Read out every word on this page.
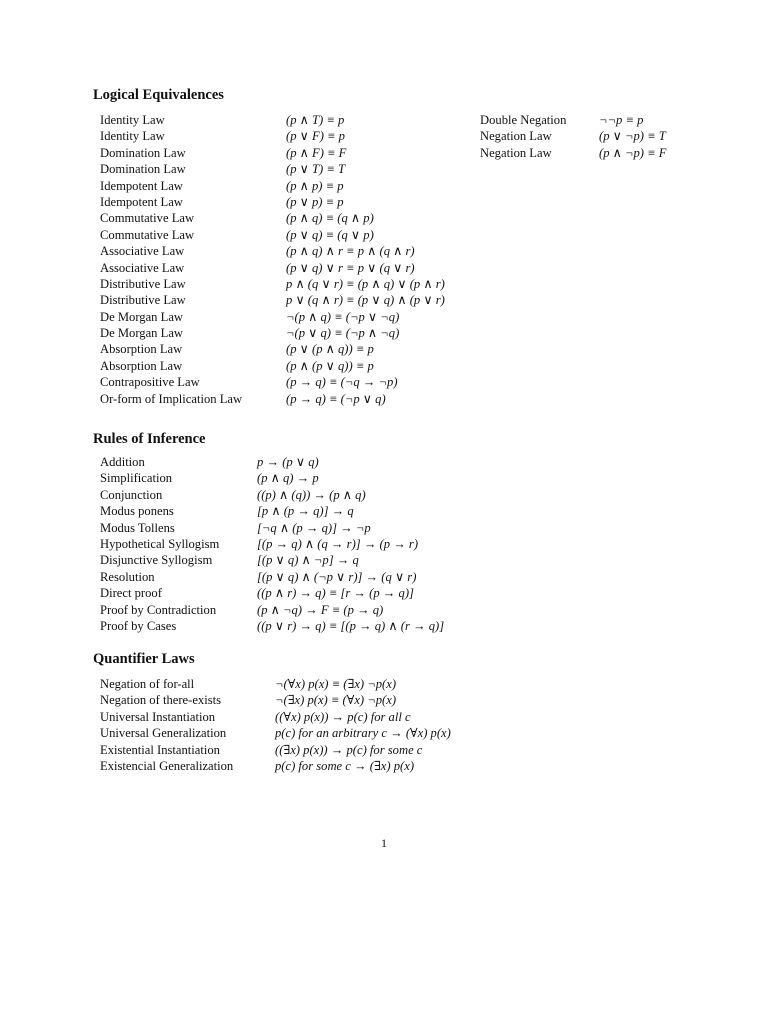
Logical Equivalences
Identity Law	(p ∧ T) ≡ p
Identity Law	(p ∨ F) ≡ p
Domination Law	(p ∧ F) ≡ F
Domination Law	(p ∨ T) ≡ T
Idempotent Law	(p ∧ p) ≡ p
Idempotent Law	(p ∨ p) ≡ p
Commutative Law	(p ∧ q) ≡ (q ∧ p)
Commutative Law	(p ∨ q) ≡ (q ∨ p)
Associative Law	(p ∧ q) ∧ r ≡ p ∧ (q ∧ r)
Associative Law	(p ∨ q) ∨ r ≡ p ∨ (q ∨ r)
Distributive Law	p ∧ (q ∨ r) ≡ (p ∧ q) ∨ (p ∧ r)
Distributive Law	p ∨ (q ∧ r) ≡ (p ∨ q) ∧ (p ∨ r)
De Morgan Law	¬(p ∧ q) ≡ (¬p ∨ ¬q)
De Morgan Law	¬(p ∨ q) ≡ (¬p ∧ ¬q)
Absorption Law	(p ∨ (p ∧ q)) ≡ p
Absorption Law	(p ∧ (p ∨ q)) ≡ p
Contrapositive Law	(p → q) ≡ (¬q → ¬p)
Or-form of Implication Law	(p → q) ≡ (¬p ∨ q)
Double Negation	¬¬p ≡ p
Negation Law	(p ∨ ¬p) ≡ T
Negation Law	(p ∧ ¬p) ≡ F
Rules of Inference
Addition	p → (p ∨ q)
Simplification	(p ∧ q) → p
Conjunction	((p) ∧ (q)) → (p ∧ q)
Modus ponens	[p ∧ (p → q)] → q
Modus Tollens	[¬q ∧ (p → q)] → ¬p
Hypothetical Syllogism	[(p → q) ∧ (q → r)] → (p → r)
Disjunctive Syllogism	[(p ∨ q) ∧ ¬p] → q
Resolution	[(p ∨ q) ∧ (¬p ∨ r)] → (q ∨ r)
Direct proof	((p ∧ r) → q) ≡ [r → (p → q)]
Proof by Contradiction	(p ∧ ¬q) → F ≡ (p → q)
Proof by Cases	((p ∨ r) → q) ≡ [(p → q) ∧ (r → q)]
Quantifier Laws
Negation of for-all	¬(∀x) p(x) ≡ (∃x) ¬p(x)
Negation of there-exists	¬(∃x) p(x) ≡ (∀x) ¬p(x)
Universal Instantiation	((∀x) p(x)) → p(c) for all c
Universal Generalization	p(c) for an arbitrary c → (∀x) p(x)
Existential Instantiation	((∃x) p(x)) → p(c) for some c
Existencial Generalization	p(c) for some c → (∃x) p(x)
1
